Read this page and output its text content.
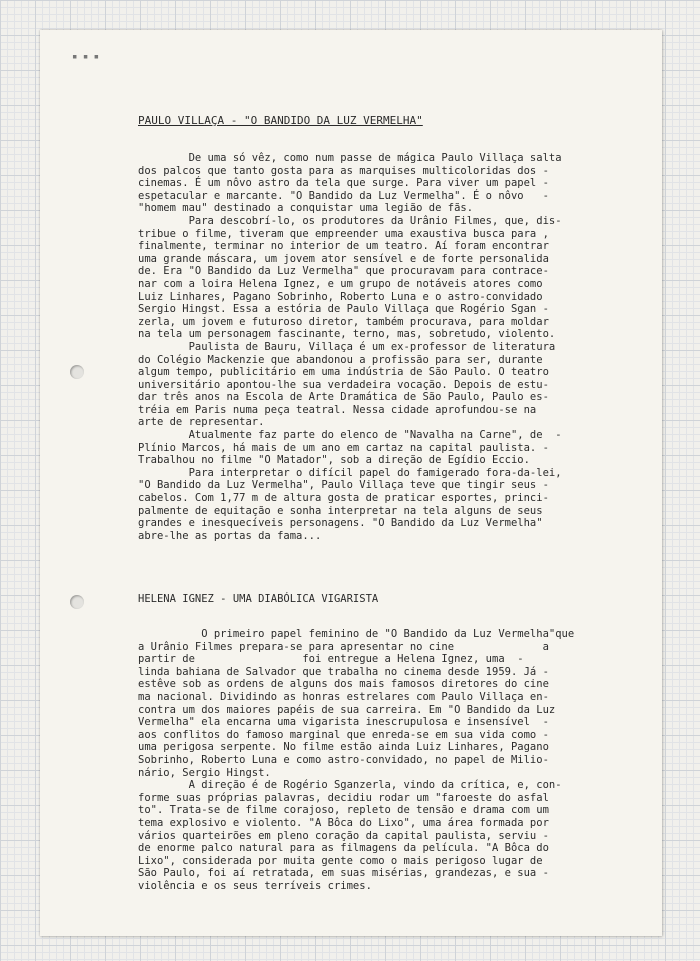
▪ ▪ ▪
PAULO VILLAÇA - "O BANDIDO DA LUZ VERMELHA"
De uma só vêz, como num passe de mágica Paulo Villaça salta
dos palcos que tanto gosta para as marquises multicoloridas dos -
cinemas. É um nôvo astro da tela que surge. Para viver um papel -
espetacular e marcante. "O Bandido da Luz Vermelha". É o nôvo   -
"homem mau" destinado a conquistar uma legião de fãs.
Para descobrí-lo, os produtores da Urânio Filmes, que, dis-
tribue o filme, tiveram que empreender uma exaustiva busca para ,
finalmente, terminar no interior de um teatro. Aí foram encontrar
uma grande máscara, um jovem ator sensível e de forte personalida
de. Era "O Bandido da Luz Vermelha" que procuravam para contrace-
nar com a loira Helena Ignez, e um grupo de notáveis atores como
Luiz Linhares, Pagano Sobrinho, Roberto Luna e o astro-convidado
Sergio Hingst. Essa a estória de Paulo Villaça que Rogério Sgan -
zerla, um jovem e futuroso diretor, também procurava, para moldar
na tela um personagem fascinante, terno, mas, sobretudo, violento.
Paulista de Bauru, Villaça é um ex-professor de literatura
do Colégio Mackenzie que abandonou a profissão para ser, durante
algum tempo, publicitário em uma indústria de São Paulo. O teatro
universitário apontou-lhe sua verdadeira vocação. Depois de estu-
dar três anos na Escola de Arte Dramática de São Paulo, Paulo es-
tréia em Paris numa peça teatral. Nessa cidade aprofundou-se na
arte de representar.
Atualmente faz parte do elenco de "Navalha na Carne", de  -
Plínio Marcos, há mais de um ano em cartaz na capital paulista. -
Trabalhou no filme "O Matador", sob a direção de Egídio Eccio.
Para interpretar o difícil papel do famigerado fora-da-lei,
"O Bandido da Luz Vermelha", Paulo Villaça teve que tingir seus -
cabelos. Com 1,77 m de altura gosta de praticar esportes, princi-
palmente de equitação e sonha interpretar na tela alguns de seus
grandes e inesquecíveis personagens. "O Bandido da Luz Vermelha"
abre-lhe as portas da fama...
HELENA IGNEZ - UMA DIABÓLICA VIGARISTA
O primeiro papel feminino de "O Bandido da Luz Vermelha"que
a Urânio Filmes prepara-se para apresentar no cine              a
partir de                 foi entregue a Helena Ignez, uma  -
linda bahiana de Salvador que trabalha no cinema desde 1959. Já -
estêve sob as ordens de alguns dos mais famosos diretores do cine
ma nacional. Dividindo as honras estrelares com Paulo Villaça en-
contra um dos maiores papéis de sua carreira. Em "O Bandido da Luz
Vermelha" ela encarna uma vigarista inescrupulosa e insensível  -
aos conflitos do famoso marginal que enreda-se em sua vida como -
uma perigosa serpente. No filme estão ainda Luiz Linhares, Pagano
Sobrinho, Roberto Luna e como astro-convidado, no papel de Milio-
nário, Sergio Hingst.
A direção é de Rogério Sganzerla, vindo da crítica, e, con-
forme suas próprias palavras, decidiu rodar um "faroeste do asfal
to". Trata-se de filme corajoso, repleto de tensão e drama com um
tema explosivo e violento. "A Bôca do Lixo", uma área formada por
vários quarteirões em pleno coração da capital paulista, serviu -
de enorme palco natural para as filmagens da película. "A Bôca do
Lixo", considerada por muita gente como o mais perigoso lugar de
São Paulo, foi aí retratada, em suas misérias, grandezas, e sua -
violência e os seus terríveis crimes.
